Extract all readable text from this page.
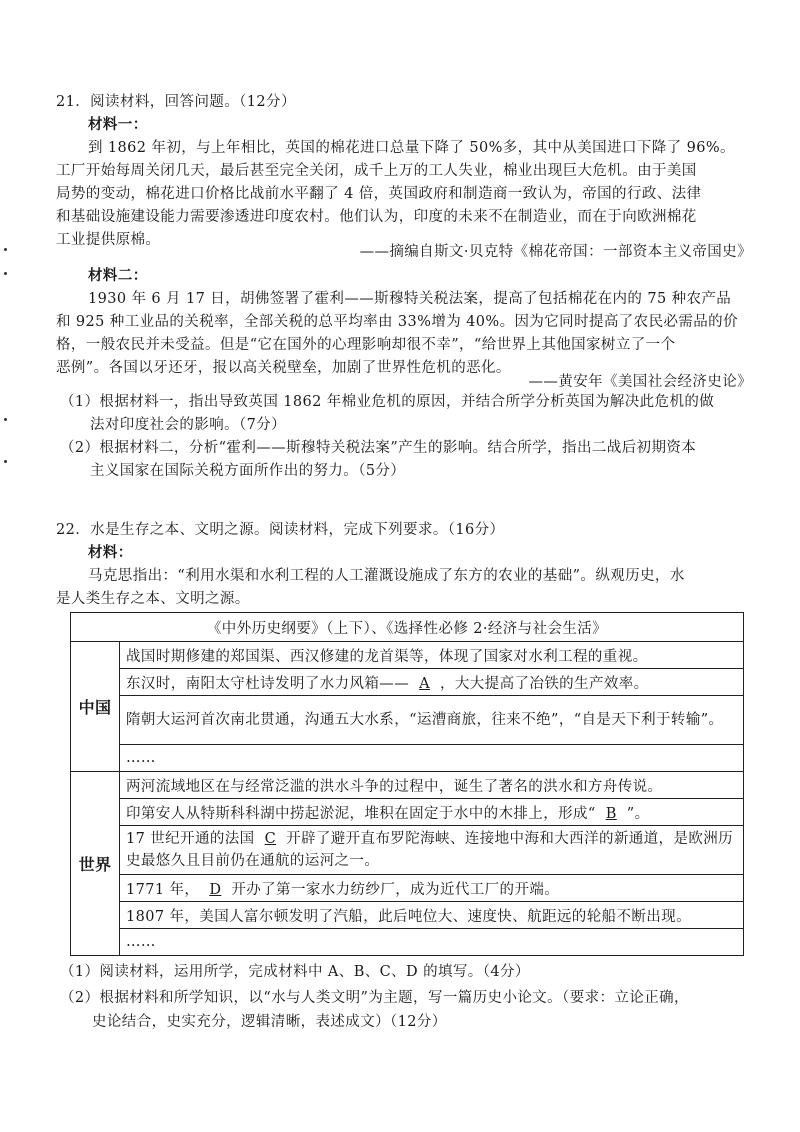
21．阅读材料，回答问题。（12分）
材料一：
到 1862 年初，与上年相比，英国的棉花进口总量下降了 50%多，其中从美国进口下降了 96%。
工厂开始每周关闭几天，最后甚至完全关闭，成千上万的工人失业，棉业出现巨大危机。由于美国
局势的变动，棉花进口价格比战前水平翻了 4 倍，英国政府和制造商一致认为，帝国的行政、法律
和基础设施建设能力需要渗透进印度农村。他们认为，印度的未来不在制造业，而在于向欧洲棉花
工业提供原棉。
——摘编自斯文·贝克特《棉花帝国：一部资本主义帝国史》
材料二：
1930 年 6 月 17 日，胡佛签署了霍利——斯穆特关税法案，提高了包括棉花在内的 75 种农产品
和 925 种工业品的关税率，全部关税的总平均率由 33%增为 40%。因为它同时提高了农民必需品的价
格，一般农民并未受益。但是“它在国外的心理影响却很不幸”，“给世界上其他国家树立了一个
恶例”。各国以牙还牙，报以高关税壁垒，加剧了世界性危机的恶化。
——黄安年《美国社会经济史论》
（1）根据材料一，指出导致英国 1862 年棉业危机的原因，并结合所学分析英国为解决此危机的做
法对印度社会的影响。（7分）
（2）根据材料二，分析“霍利——斯穆特关税法案”产生的影响。结合所学，指出二战后初期资本
主义国家在国际关税方面所作出的努力。（5分）
22．水是生存之本、文明之源。阅读材料，完成下列要求。（16分）
材料：
马克思指出：“利用水渠和水利工程的人工灌溉设施成了东方的农业的基础”。纵观历史，水
是人类生存之本、文明之源。
《中外历史纲要》（上下）、《选择性必修 2·经济与社会生活》	
中国	战国时期修建的郑国渠、西汉修建的龙首渠等，体现了国家对水利工程的重视。
	东汉时，南阳太守杜诗发明了水力风箱—— A ，大大提高了冶铁的生产效率。
	隋朝大运河首次南北贯通，沟通五大水系，“运漕商旅，往来不绝”，“自是天下利于转输”。
	……
世界	两河流域地区在与经常泛滥的洪水斗争的过程中，诞生了著名的洪水和方舟传说。
	印第安人从特斯科科湖中捞起淤泥，堆积在固定于水中的木排上，形成“ B ”。
	17 世纪开通的法国 C 开辟了避开直布罗陀海峡、连接地中海和大西洋的新通道，是欧洲历史最悠久且目前仍在通航的运河之一。
	1771 年， D 开办了第一家水力纺纱厂，成为近代工厂的开端。
	1807 年，美国人富尔顿发明了汽船，此后吨位大、速度快、航距远的轮船不断出现。
	……
（1）阅读材料，运用所学，完成材料中 A、B、C、D 的填写。（4分）
（2）根据材料和所学知识，以“水与人类文明”为主题，写一篇历史小论文。（要求：立论正确，
史论结合，史实充分，逻辑清晰，表述成文）（12分）
